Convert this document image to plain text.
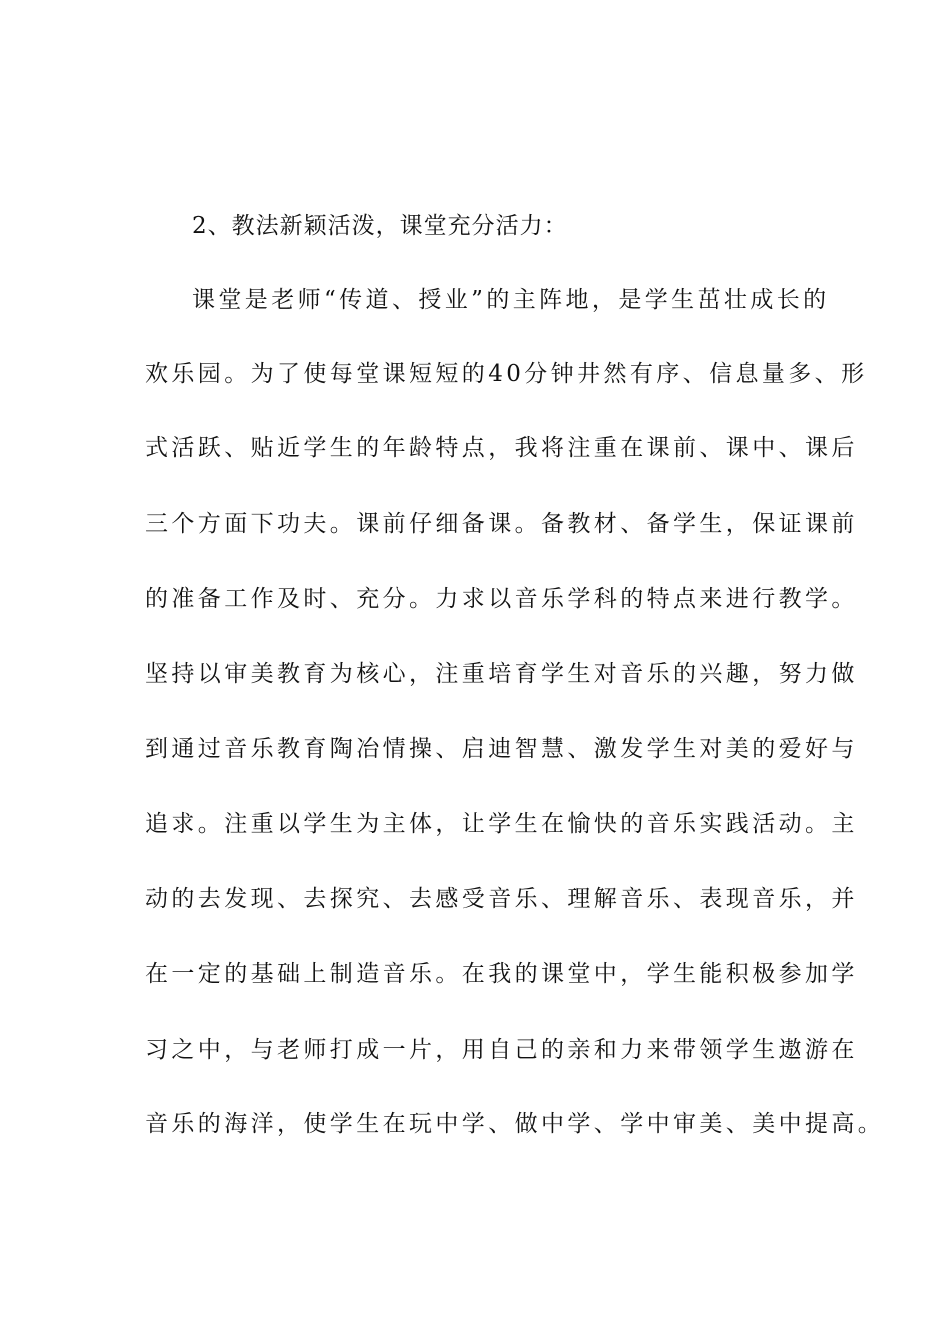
2、教法新颖活泼，课堂充分活力：
课堂是老师“传道、授业”的主阵地，是学生茁壮成长的
欢乐园。为了使每堂课短短的40分钟井然有序、信息量多、形
式活跃、贴近学生的年龄特点，我将注重在课前、课中、课后
三个方面下功夫。课前仔细备课。备教材、备学生，保证课前
的准备工作及时、充分。力求以音乐学科的特点来进行教学。
坚持以审美教育为核心，注重培育学生对音乐的兴趣，努力做
到通过音乐教育陶冶情操、启迪智慧、激发学生对美的爱好与
追求。注重以学生为主体，让学生在愉快的音乐实践活动。主
动的去发现、去探究、去感受音乐、理解音乐、表现音乐，并
在一定的基础上制造音乐。在我的课堂中，学生能积极参加学
习之中，与老师打成一片，用自己的亲和力来带领学生遨游在
音乐的海洋，使学生在玩中学、做中学、学中审美、美中提高。
